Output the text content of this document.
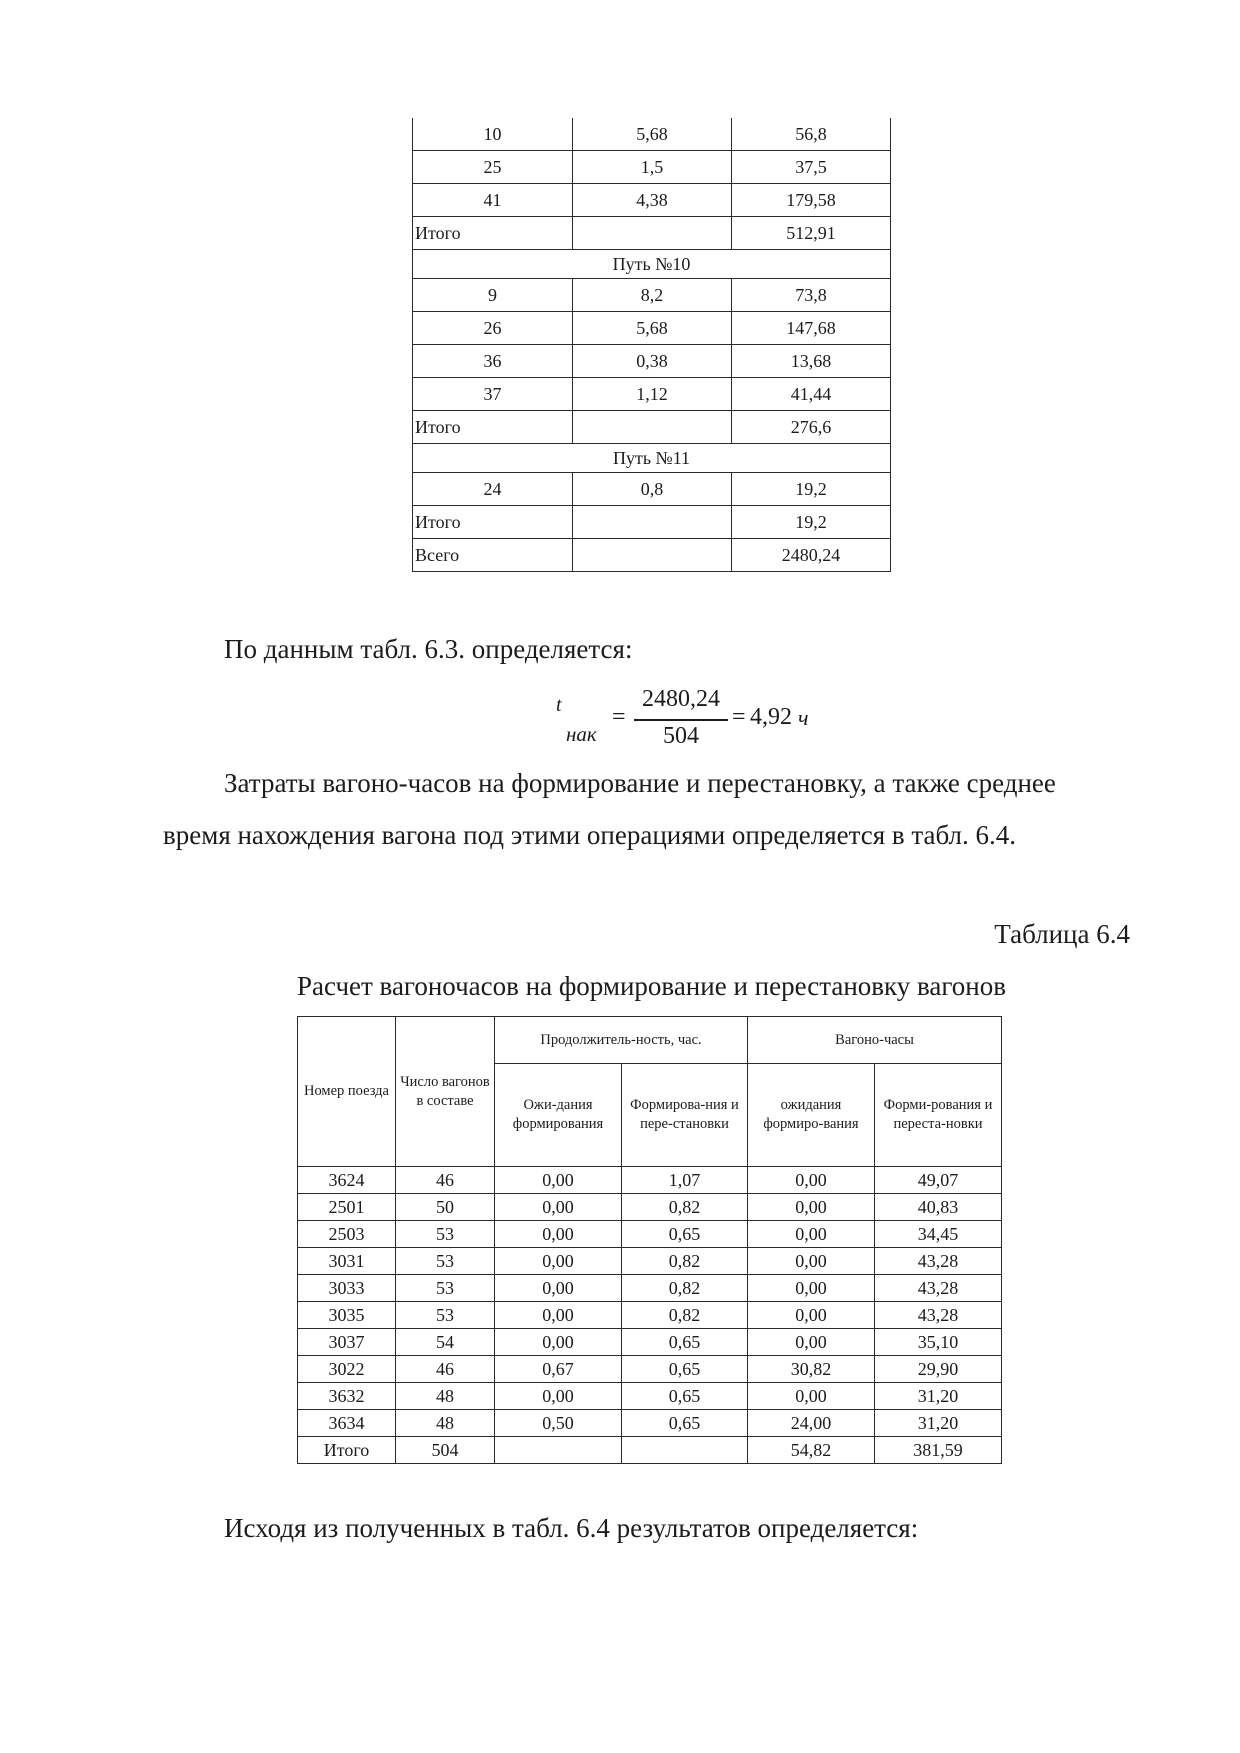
10	5,68	56,8
25	1,5	37,5
41	4,38	179,58
Итого		512,91
Путь №10		
9	8,2	73,8
26	5,68	147,68
36	0,38	13,68
37	1,12	41,44
Итого		276,6
Путь №11		
24	0,8	19,2
Итого		19,2
Всего		2480,24

По данным табл. 6.3. определяется:

t
нак
=
2480,24
504
= 4,92 ч

Затраты вагоно-часов на формирование и перестановку, а также среднее

время нахождения вагона под этими операциями определяется в табл. 6.4.

Таблица 6.4

Расчет вагоночасов на формирование и перестановку вагонов

Номер поезда	Число вагонов в составе	Продолжитель-ность, час.		Вагоно-часы	
		Ожи-дания формирования	Формирова-ния и пере-становки	ожидания формиро-вания	Форми-рования и переста-новки
3624	46	0,00	1,07	0,00	49,07
2501	50	0,00	0,82	0,00	40,83
2503	53	0,00	0,65	0,00	34,45
3031	53	0,00	0,82	0,00	43,28
3033	53	0,00	0,82	0,00	43,28
3035	53	0,00	0,82	0,00	43,28
3037	54	0,00	0,65	0,00	35,10
3022	46	0,67	0,65	30,82	29,90
3632	48	0,00	0,65	0,00	31,20
3634	48	0,50	0,65	24,00	31,20
Итого	504			54,82	381,59

Исходя из полученных в табл. 6.4 результатов определяется:
